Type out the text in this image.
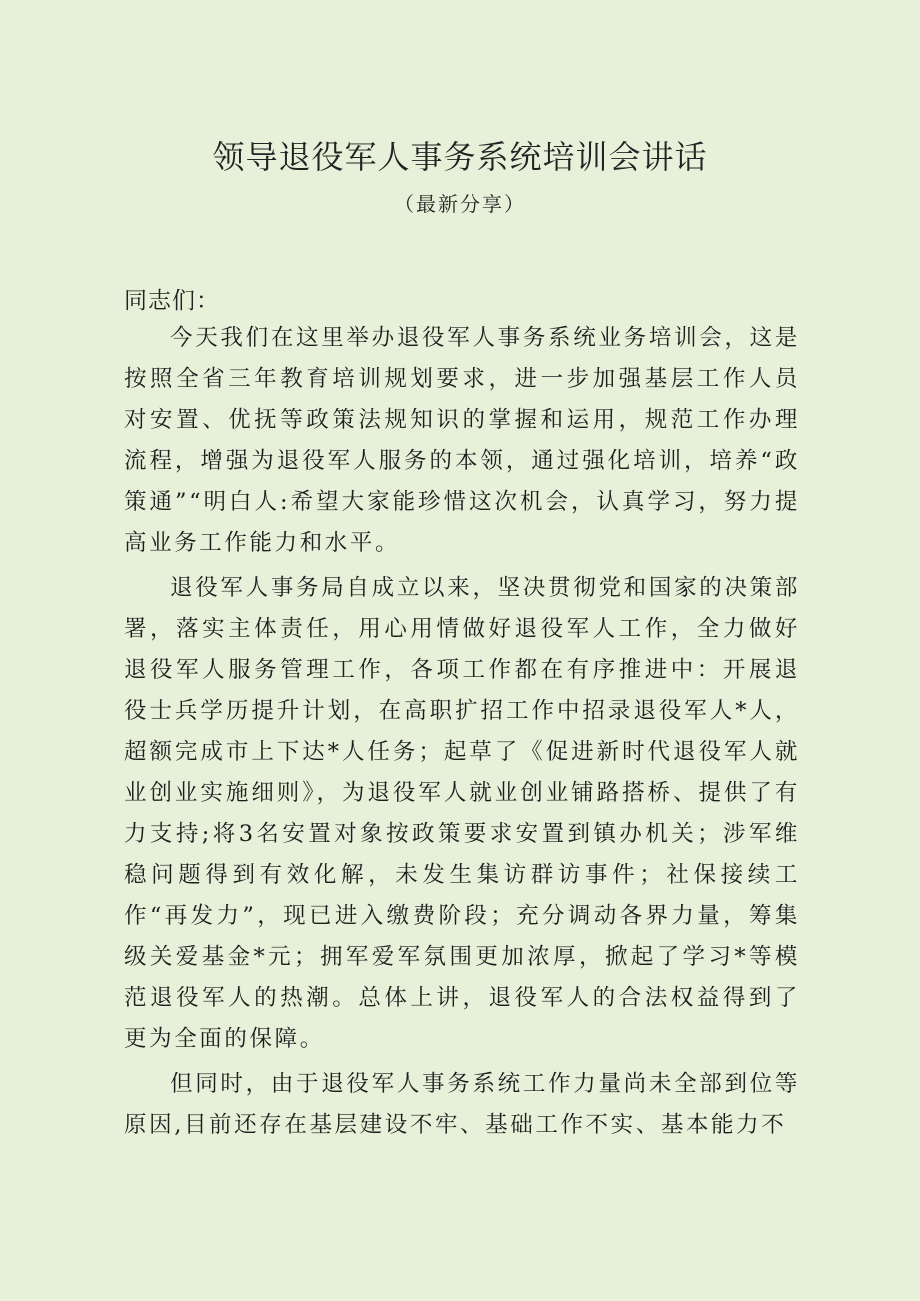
领导退役军人事务系统培训会讲话
（最新分享）
同志们：

今天我们在这里举办退役军人事务系统业务培训会，这是按照全省三年教育培训规划要求，进一步加强基层工作人员对安置、优抚等政策法规知识的掌握和运用，规范工作办理流程，增强为退役军人服务的本领，通过强化培训，培养“政策通”“明白人:希望大家能珍惜这次机会，认真学习，努力提高业务工作能力和水平。

退役军人事务局自成立以来，坚决贯彻党和国家的决策部署，落实主体责任，用心用情做好退役军人工作，全力做好退役军人服务管理工作，各项工作都在有序推进中：开展退役士兵学历提升计划，在高职扩招工作中招录退役军人*人，超额完成市上下达*人任务；起草了《促进新时代退役军人就业创业实施细则》，为退役军人就业创业铺路搭桥、提供了有力支持;将3名安置对象按政策要求安置到镇办机关；涉军维稳问题得到有效化解，未发生集访群访事件；社保接续工作“再发力”，现已进入缴费阶段；充分调动各界力量，筹集级关爱基金*元；拥军爱军氛围更加浓厚，掀起了学习*等模范退役军人的热潮。总体上讲，退役军人的合法权益得到了更为全面的保障。

但同时，由于退役军人事务系统工作力量尚未全部到位等原因,目前还存在基层建设不牢、基础工作不实、基本能力不
